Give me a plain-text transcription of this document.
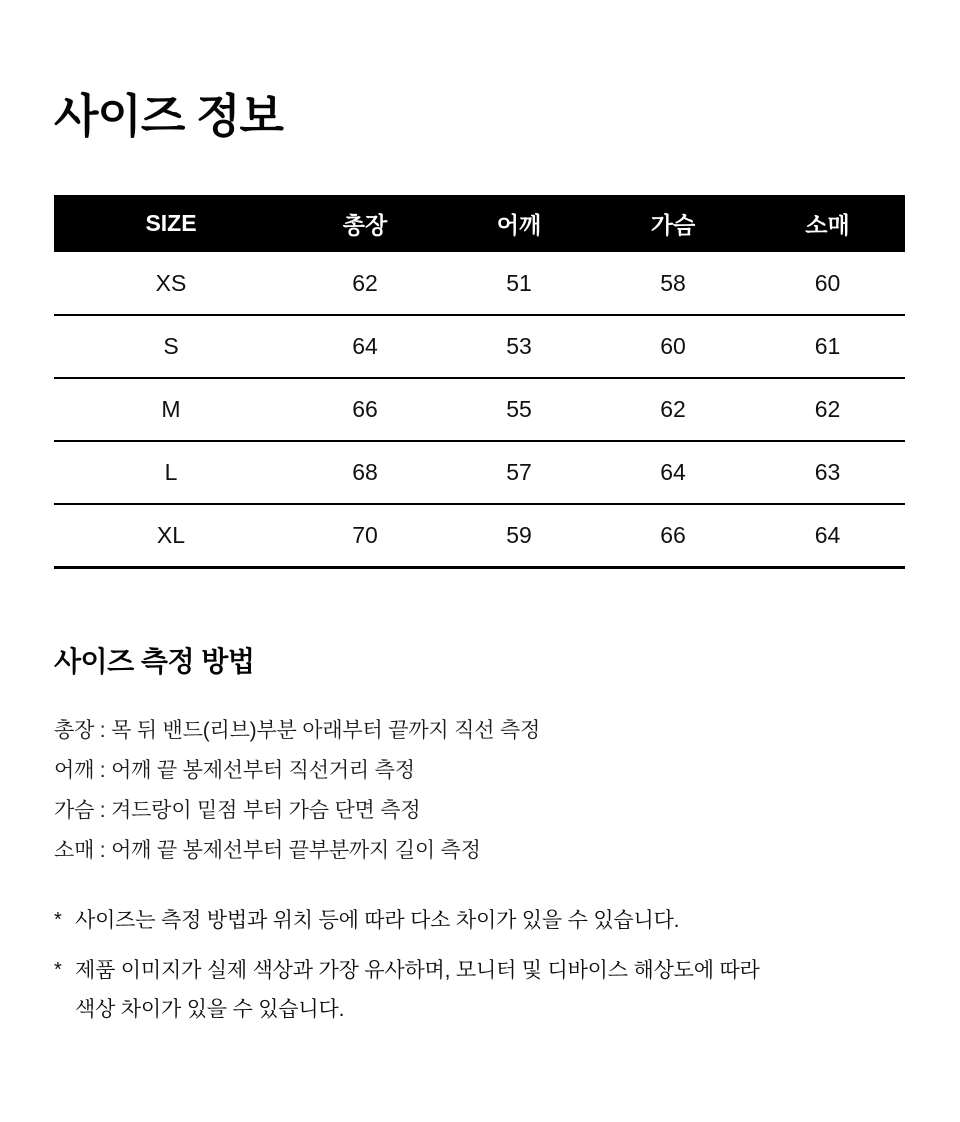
사이즈 정보
SIZE	총장	어깨	가슴	소매
XS	62	51	58	60
S	64	53	60	61
M	66	55	62	62
L	68	57	64	63
XL	70	59	66	64
사이즈 측정 방법
총장 : 목 뒤 밴드(리브)부분 아래부터 끝까지 직선 측정
어깨 : 어깨 끝 봉제선부터 직선거리 측정
가슴 : 겨드랑이 밑점 부터 가슴 단면 측정
소매 : 어깨 끝 봉제선부터 끝부분까지 길이 측정
* 사이즈는 측정 방법과 위치 등에 따라 다소 차이가 있을 수 있습니다.
* 제품 이미지가 실제 색상과 가장 유사하며, 모니터 및 디바이스 해상도에 따라
색상 차이가 있을 수 있습니다.
